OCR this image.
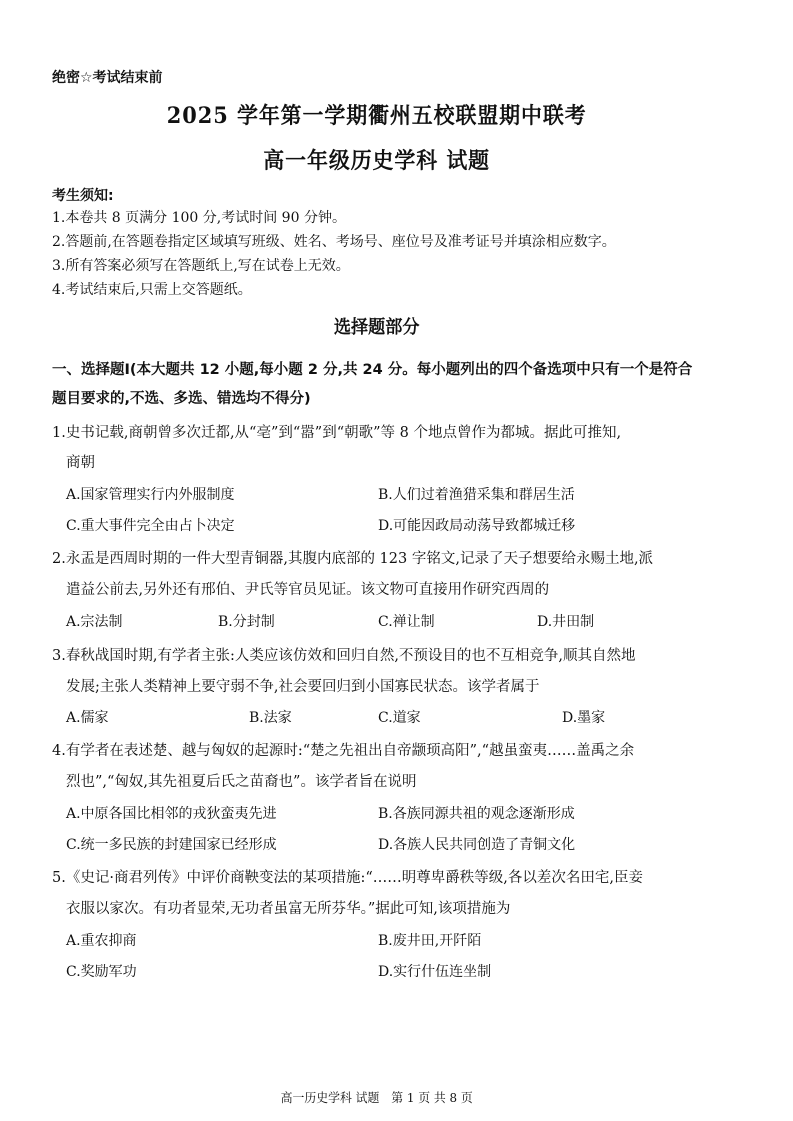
绝密☆考试结束前
2025 学年第一学期衢州五校联盟期中联考
高一年级历史学科 试题
考生须知:
1.本卷共 8 页满分 100 分,考试时间 90 分钟。
2.答题前,在答题卷指定区域填写班级、姓名、考场号、座位号及准考证号并填涂相应数字。
3.所有答案必须写在答题纸上,写在试卷上无效。
4.考试结束后,只需上交答题纸。
选择题部分
一、选择题Ⅰ(本大题共 12 小题,每小题 2 分,共 24 分。每小题列出的四个备选项中只有一个是符合
题目要求的,不选、多选、错选均不得分)
1.史书记载,商朝曾多次迁都,从“亳”到“嚣”到“朝歌”等 8 个地点曾作为都城。据此可推知,
商朝
A.国家管理实行内外服制度	B.人们过着渔猎采集和群居生活
C.重大事件完全由占卜决定	D.可能因政局动荡导致都城迁移
2.永盂是西周时期的一件大型青铜器,其腹内底部的 123 字铭文,记录了天子想要给永赐土地,派
遣益公前去,另外还有邢伯、尹氏等官员见证。该文物可直接用作研究西周的
A.宗法制	B.分封制	C.禅让制	D.井田制
3.春秋战国时期,有学者主张:人类应该仿效和回归自然,不预设目的也不互相竞争,顺其自然地
发展;主张人类精神上要守弱不争,社会要回归到小国寡民状态。该学者属于
A.儒家	B.法家	C.道家	D.墨家
4.有学者在表述楚、越与匈奴的起源时:“楚之先祖出自帝颛顼高阳”,“越虽蛮夷……盖禹之余
烈也”,“匈奴,其先祖夏后氏之苗裔也”。该学者旨在说明
A.中原各国比相邻的戎狄蛮夷先进	B.各族同源共祖的观念逐渐形成
C.统一多民族的封建国家已经形成	D.各族人民共同创造了青铜文化
5.《史记·商君列传》中评价商鞅变法的某项措施:“……明尊卑爵秩等级,各以差次名田宅,臣妾
衣服以家次。有功者显荣,无功者虽富无所芬华。”据此可知,该项措施为
A.重农抑商	B.废井田,开阡陌
C.奖励军功	D.实行什伍连坐制
高一历史学科 试题　第 1 页 共 8 页
